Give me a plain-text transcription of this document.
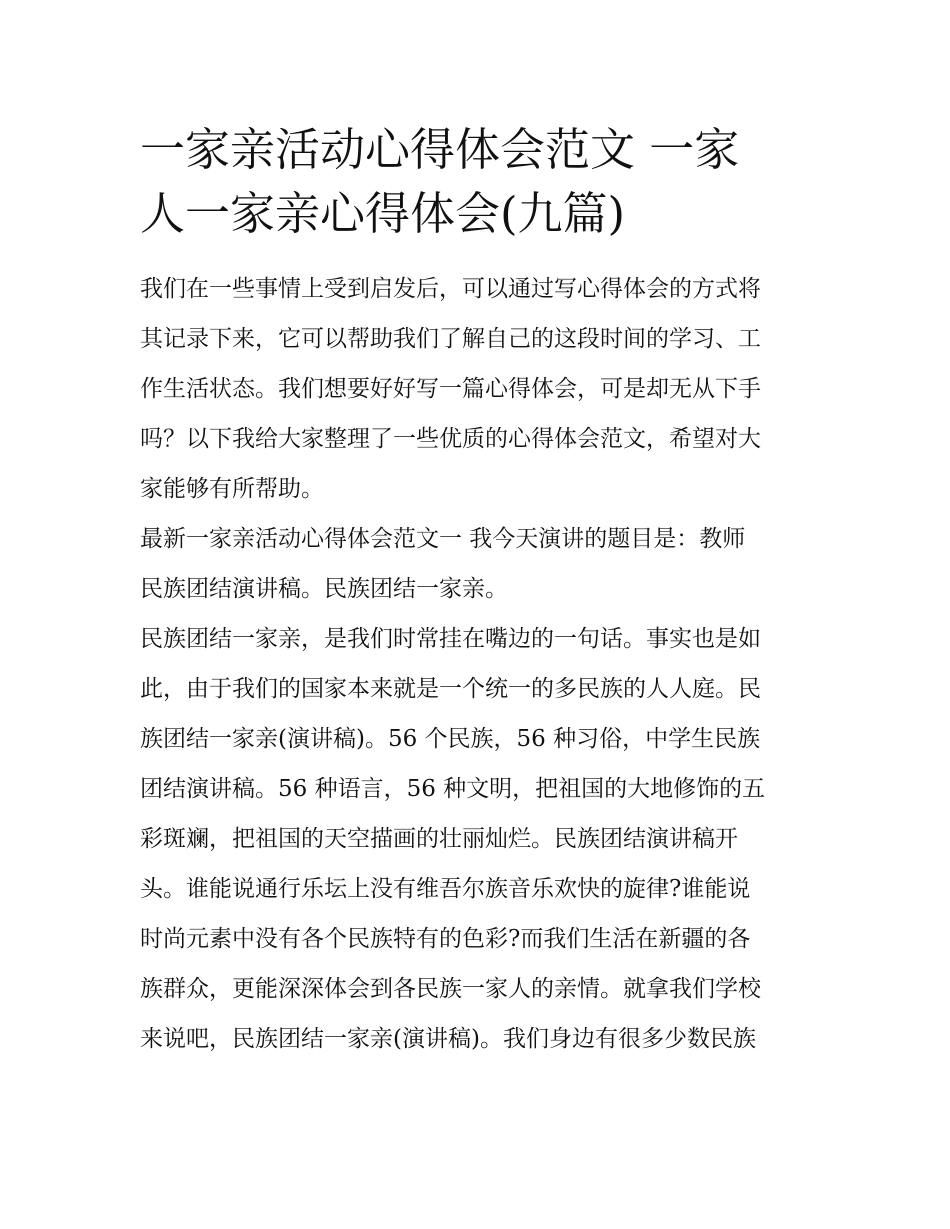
一家亲活动心得体会范文 一家
人一家亲心得体会(九篇)
我们在一些事情上受到启发后，可以通过写心得体会的方式将
其记录下来，它可以帮助我们了解自己的这段时间的学习、工
作生活状态。我们想要好好写一篇心得体会，可是却无从下手
吗？以下我给大家整理了一些优质的心得体会范文，希望对大
家能够有所帮助。
最新一家亲活动心得体会范文一 我今天演讲的题目是：教师
民族团结演讲稿。民族团结一家亲。
民族团结一家亲，是我们时常挂在嘴边的一句话。事实也是如
此，由于我们的国家本来就是一个统一的多民族的人人庭。民
族团结一家亲(演讲稿)。56 个民族，56 种习俗，中学生民族
团结演讲稿。56 种语言，56 种文明，把祖国的大地修饰的五
彩斑斓，把祖国的天空描画的壮丽灿烂。民族团结演讲稿开
头。谁能说通行乐坛上没有维吾尔族音乐欢快的旋律?谁能说
时尚元素中没有各个民族特有的色彩?而我们生活在新疆的各
族群众，更能深深体会到各民族一家人的亲情。就拿我们学校
来说吧，民族团结一家亲(演讲稿)。我们身边有很多少数民族
